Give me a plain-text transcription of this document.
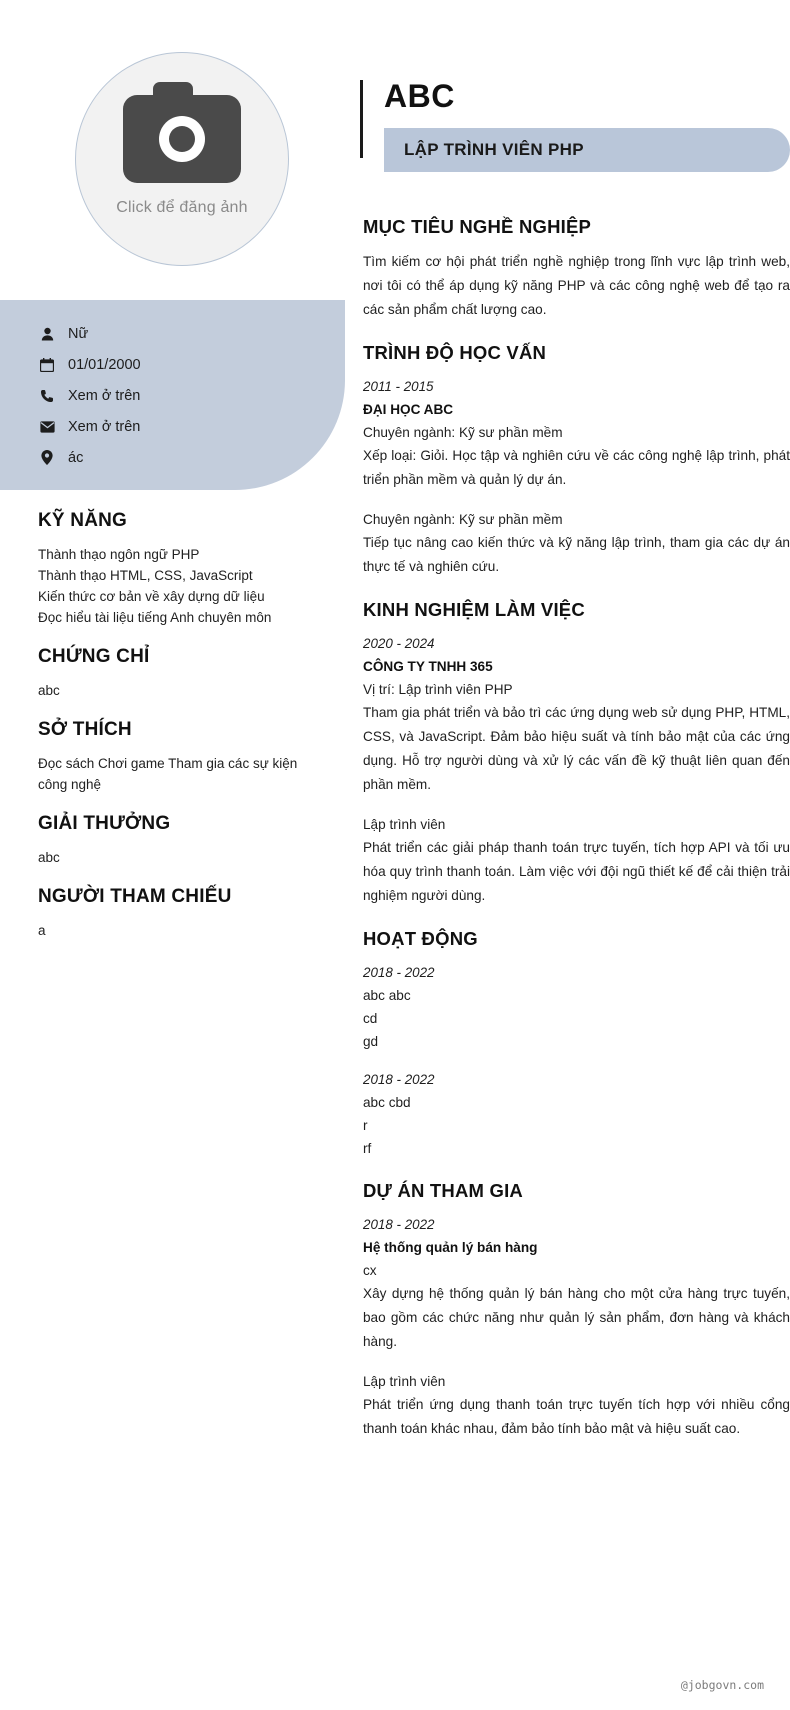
Click để đăng ảnh
Nữ
01/01/2000
Xem ở trên
Xem ở trên
ác
KỸ NĂNG
Thành thạo ngôn ngữ PHP
Thành thạo HTML, CSS, JavaScript
Kiến thức cơ bản về xây dựng dữ liệu
Đọc hiểu tài liệu tiếng Anh chuyên môn
CHỨNG CHỈ
abc
SỞ THÍCH
Đọc sách Chơi game Tham gia các sự kiện công nghệ
GIẢI THƯỞNG
abc
NGƯỜI THAM CHIẾU
a
ABC
LẬP TRÌNH VIÊN PHP
MỤC TIÊU NGHỀ NGHIỆP

Tìm kiếm cơ hội phát triển nghề nghiệp trong lĩnh vực lập trình web, nơi tôi có thể áp dụng kỹ năng PHP và các công nghệ web để tạo ra các sản phẩm chất lượng cao.

TRÌNH ĐỘ HỌC VẤN

2011 - 2015

ĐẠI HỌC ABC

Chuyên ngành: Kỹ sư phần mềm

Xếp loại: Giỏi. Học tập và nghiên cứu về các công nghệ lập trình, phát triển phần mềm và quản lý dự án.

Chuyên ngành: Kỹ sư phần mềm

Tiếp tục nâng cao kiến thức và kỹ năng lập trình, tham gia các dự án thực tế và nghiên cứu.

KINH NGHIỆM LÀM VIỆC

2020 - 2024

CÔNG TY TNHH 365

Vị trí: Lập trình viên PHP

Tham gia phát triển và bảo trì các ứng dụng web sử dụng PHP, HTML, CSS, và JavaScript. Đảm bảo hiệu suất và tính bảo mật của các ứng dụng. Hỗ trợ người dùng và xử lý các vấn đề kỹ thuật liên quan đến phần mềm.

Lập trình viên

Phát triển các giải pháp thanh toán trực tuyến, tích hợp API và tối ưu hóa quy trình thanh toán. Làm việc với đội ngũ thiết kế để cải thiện trải nghiệm người dùng.

HOẠT ĐỘNG

2018 - 2022

abc abc

cd

gd

2018 - 2022

abc cbd

r

rf

DỰ ÁN THAM GIA

2018 - 2022

Hệ thống quản lý bán hàng

cx

Xây dựng hệ thống quản lý bán hàng cho một cửa hàng trực tuyến, bao gồm các chức năng như quản lý sản phẩm, đơn hàng và khách hàng.

Lập trình viên

Phát triển ứng dụng thanh toán trực tuyến tích hợp với nhiều cổng thanh toán khác nhau, đảm bảo tính bảo mật và hiệu suất cao.

@jobgovn.com
